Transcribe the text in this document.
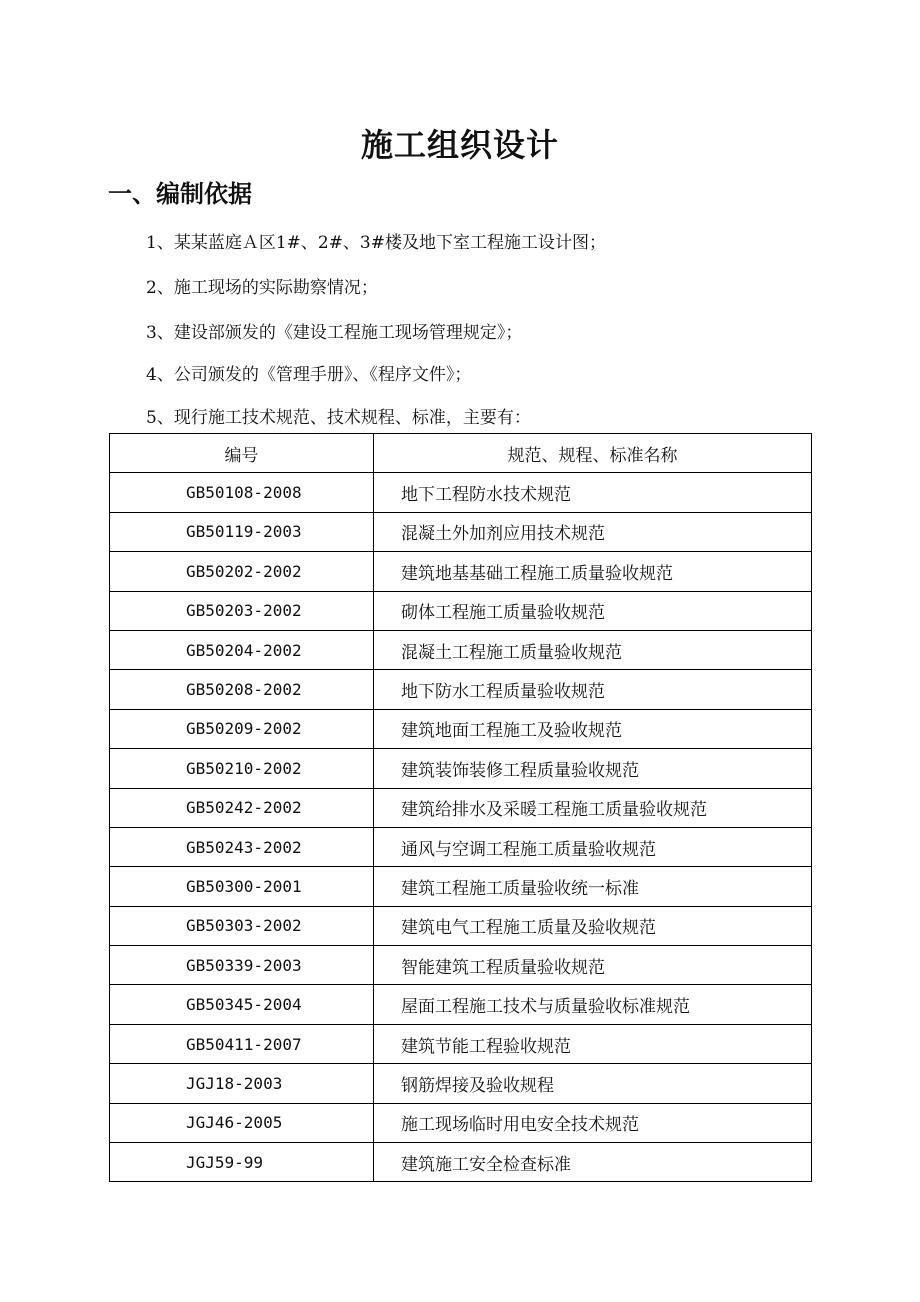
施工组织设计
一、编制依据
1、某某蓝庭Ａ区1#、2#、3#楼及地下室工程施工设计图；
2、施工现场的实际勘察情况；
3、建设部颁发的《建设工程施工现场管理规定》；
4、公司颁发的《管理手册》、《程序文件》；
5、现行施工技术规范、技术规程、标准，主要有：
编号	规范、规程、标准名称
GB50108-2008	地下工程防水技术规范
GB50119-2003	混凝土外加剂应用技术规范
GB50202-2002	建筑地基基础工程施工质量验收规范
GB50203-2002	砌体工程施工质量验收规范
GB50204-2002	混凝土工程施工质量验收规范
GB50208-2002	地下防水工程质量验收规范
GB50209-2002	建筑地面工程施工及验收规范
GB50210-2002	建筑装饰装修工程质量验收规范
GB50242-2002	建筑给排水及采暖工程施工质量验收规范
GB50243-2002	通风与空调工程施工质量验收规范
GB50300-2001	建筑工程施工质量验收统一标准
GB50303-2002	建筑电气工程施工质量及验收规范
GB50339-2003	智能建筑工程质量验收规范
GB50345-2004	屋面工程施工技术与质量验收标准规范
GB50411-2007	建筑节能工程验收规范
JGJ18-2003	钢筋焊接及验收规程
JGJ46-2005	施工现场临时用电安全技术规范
JGJ59-99	建筑施工安全检查标准
